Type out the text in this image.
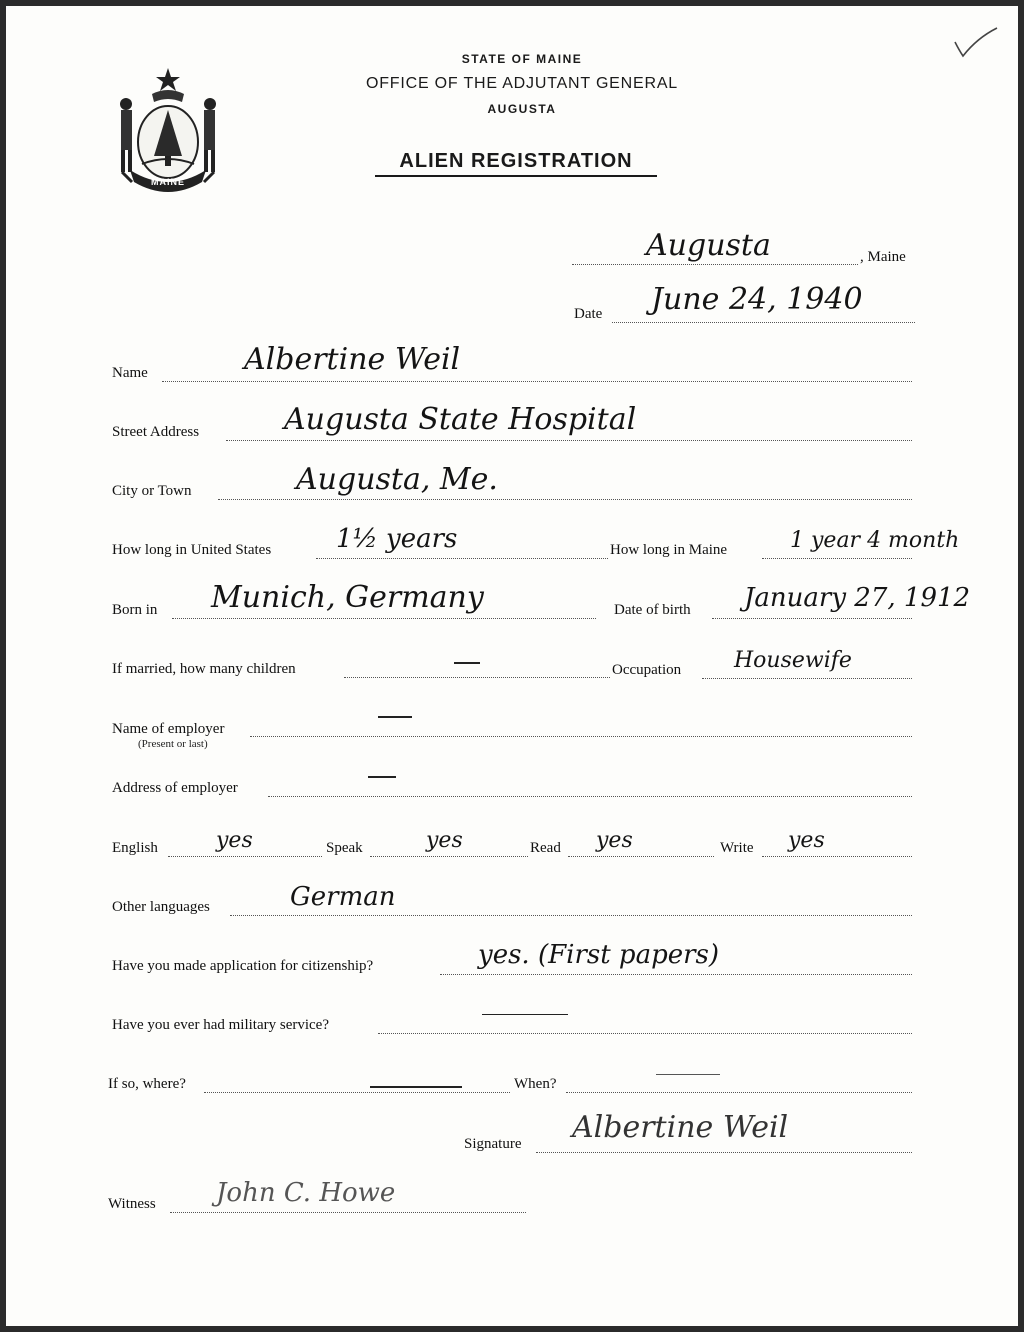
MAINE
STATE OF MAINE
OFFICE OF THE ADJUTANT GENERAL
AUGUSTA
ALIEN REGISTRATION
Augusta	, Maine
Date June 24, 1940
Name	Albertine Weil
Street Address	Augusta State Hospital
City or Town	Augusta, Me.
How long in United States 1½ years	How long in Maine	1 year 4 month
Born in Munich, Germany	Date of birth January 27, 1912
If married, how many children	Occupation Housewife
Name of employer
(Present or last)
Address of employer
English	yes	Speak	yes	Read yes	Write yes
Other languages	German
Have you made application for citizenship?	yes. (First papers)
Have you ever had military service?
If so, where?	When?
Signature Albertine Weil
Witness John C. Howe
